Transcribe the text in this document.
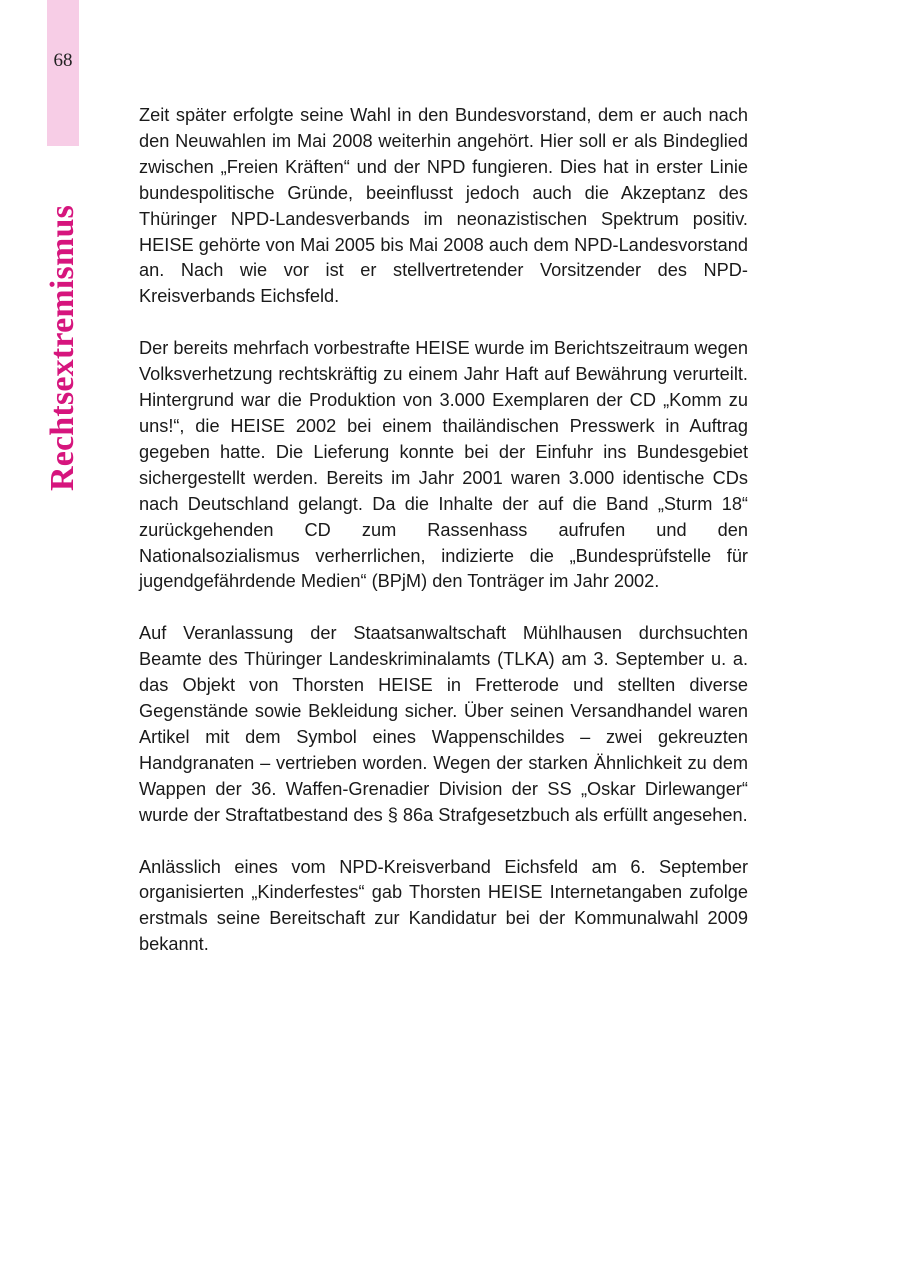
68
Rechtsextremismus

Zeit später erfolgte seine Wahl in den Bundesvorstand, dem er auch nach den Neuwahlen im Mai 2008 weiterhin angehört. Hier soll er als Bindeglied zwischen „Freien Kräften“ und der NPD fungieren. Dies hat in erster Linie bundespolitische Gründe, beeinflusst jedoch auch die Akzeptanz des Thüringer NPD-Landesverbands im neonazistischen Spektrum positiv. HEISE gehörte von Mai 2005 bis Mai 2008 auch dem NPD-Landesvorstand an. Nach wie vor ist er stellvertretender Vorsitzender des NPD-Kreisverbands Eichsfeld.

Der bereits mehrfach vorbestrafte HEISE wurde im Berichtszeitraum wegen Volksverhetzung rechtskräftig zu einem Jahr Haft auf Bewährung verurteilt. Hintergrund war die Produktion von 3.000 Exemplaren der CD „Komm zu uns!“, die HEISE 2002 bei einem thailändischen Presswerk in Auftrag gegeben hatte. Die Lieferung konnte bei der Einfuhr ins Bundesgebiet sichergestellt werden. Bereits im Jahr 2001 waren 3.000 identische CDs nach Deutschland gelangt. Da die Inhalte der auf die Band „Sturm 18“ zurückgehenden CD zum Rassenhass aufrufen und den Nationalsozialismus verherrlichen, indizierte die „Bundesprüfstelle für jugendgefährdende Medien“ (BPjM) den Tonträger im Jahr 2002.

Auf Veranlassung der Staatsanwaltschaft Mühlhausen durchsuchten Beamte des Thüringer Landeskriminalamts (TLKA) am 3. September u. a. das Objekt von Thorsten HEISE in Fretterode und stellten diverse Gegenstände sowie Bekleidung sicher. Über seinen Versandhandel waren Artikel mit dem Symbol eines Wappenschildes – zwei gekreuzten Handgranaten – vertrieben worden. Wegen der starken Ähnlichkeit zu dem Wappen der 36. Waffen-Grenadier Division der SS „Oskar Dirlewanger“ wurde der Straftatbestand des § 86a Strafgesetzbuch als erfüllt angesehen.

Anlässlich eines vom NPD-Kreisverband Eichsfeld am 6. September organisierten „Kinderfestes“ gab Thorsten HEISE Internetangaben zufolge erstmals seine Bereitschaft zur Kandidatur bei der Kommunalwahl 2009 bekannt.
